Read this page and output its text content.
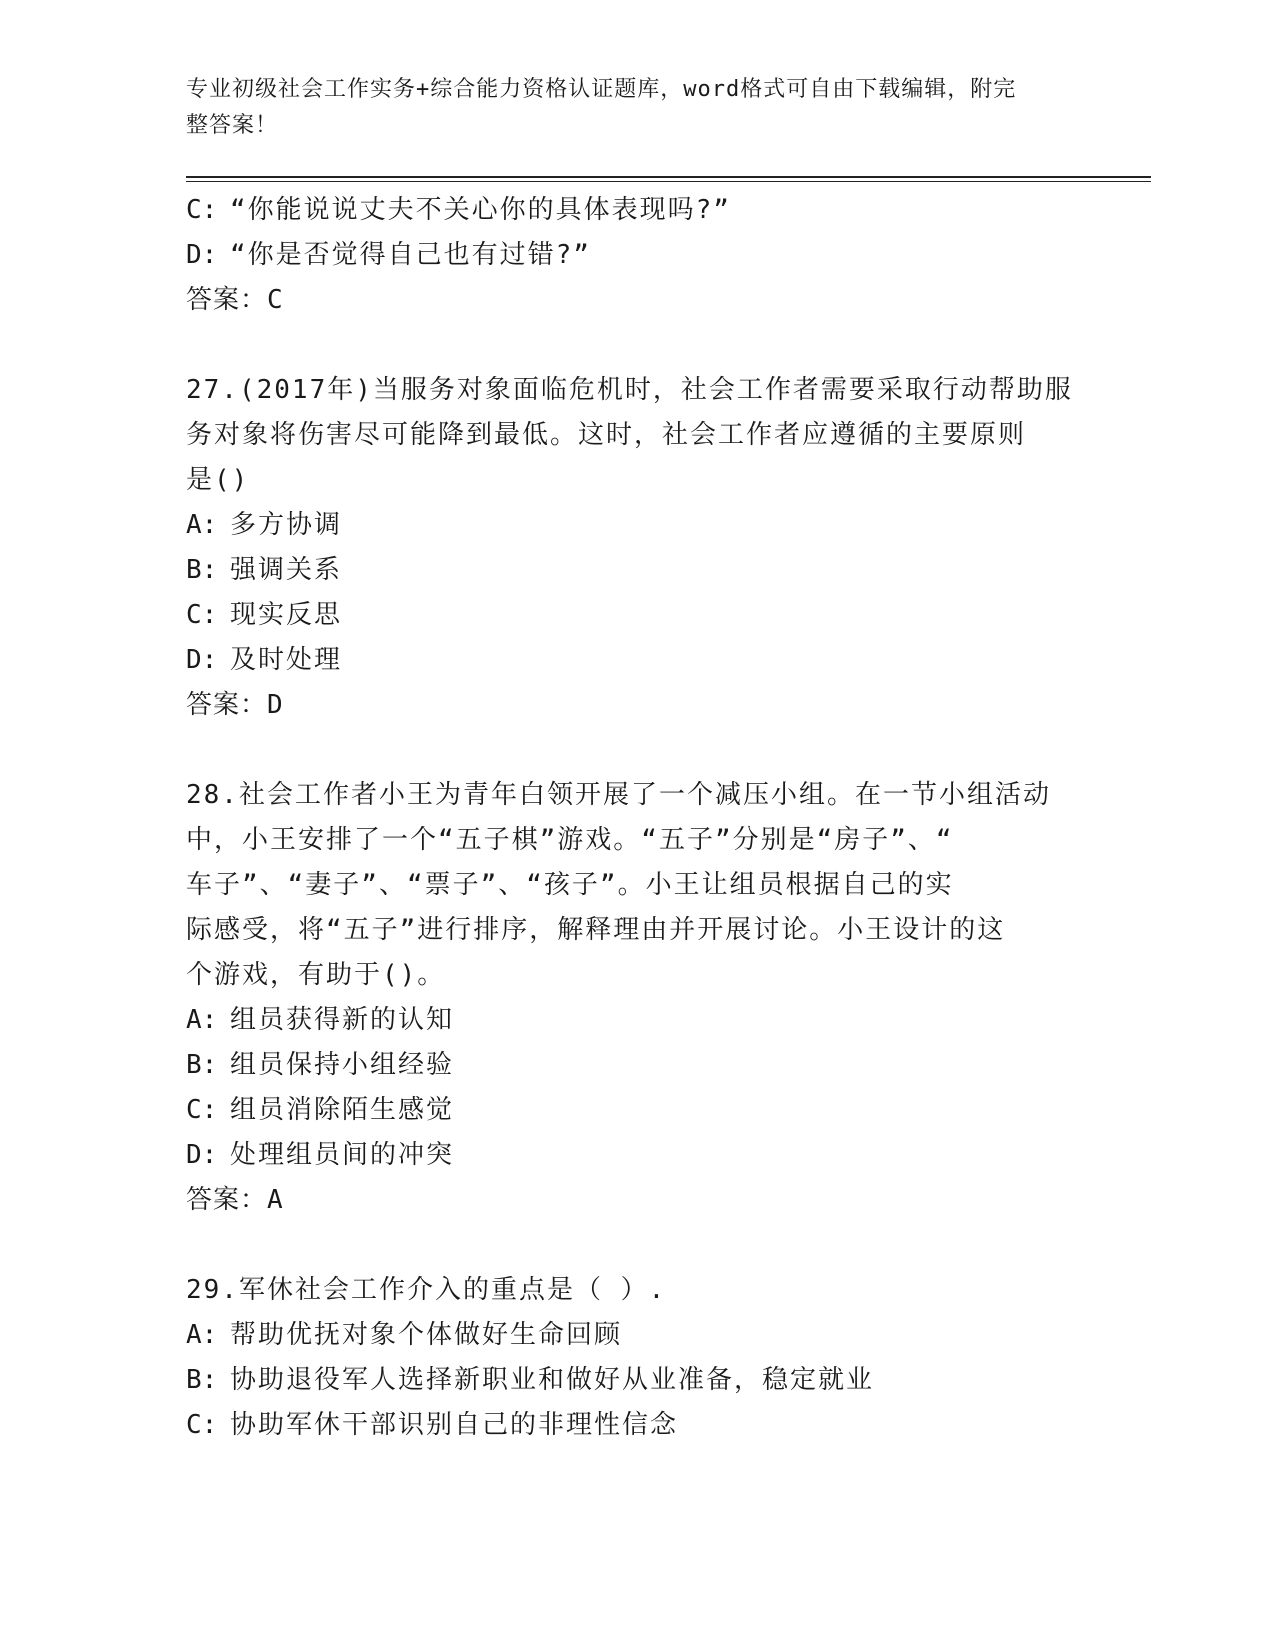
专业初级社会工作实务+综合能力资格认证题库，word格式可自由下载编辑，附完
整答案！
C: “你能说说丈夫不关心你的具体表现吗?”
D: “你是否觉得自己也有过错?”
答案：C
27.(2017年)当服务对象面临危机时，社会工作者需要采取行动帮助服
务对象将伤害尽可能降到最低。这时，社会工作者应遵循的主要原则
是()
A: 多方协调
B: 强调关系
C: 现实反思
D: 及时处理
答案：D
28.社会工作者小王为青年白领开展了一个减压小组。在一节小组活动
中，小王安排了一个“五子棋”游戏。“五子”分别是“房子”、“
车子”、“妻子”、“票子”、“孩子”。小王让组员根据自己的实
际感受，将“五子”进行排序，解释理由并开展讨论。小王设计的这
个游戏，有助于()。
A: 组员获得新的认知
B: 组员保持小组经验
C: 组员消除陌生感觉
D: 处理组员间的冲突
答案：A
29.军休社会工作介入的重点是（ ）.
A: 帮助优抚对象个体做好生命回顾
B: 协助退役军人选择新职业和做好从业准备，稳定就业
C: 协助军休干部识别自己的非理性信念
